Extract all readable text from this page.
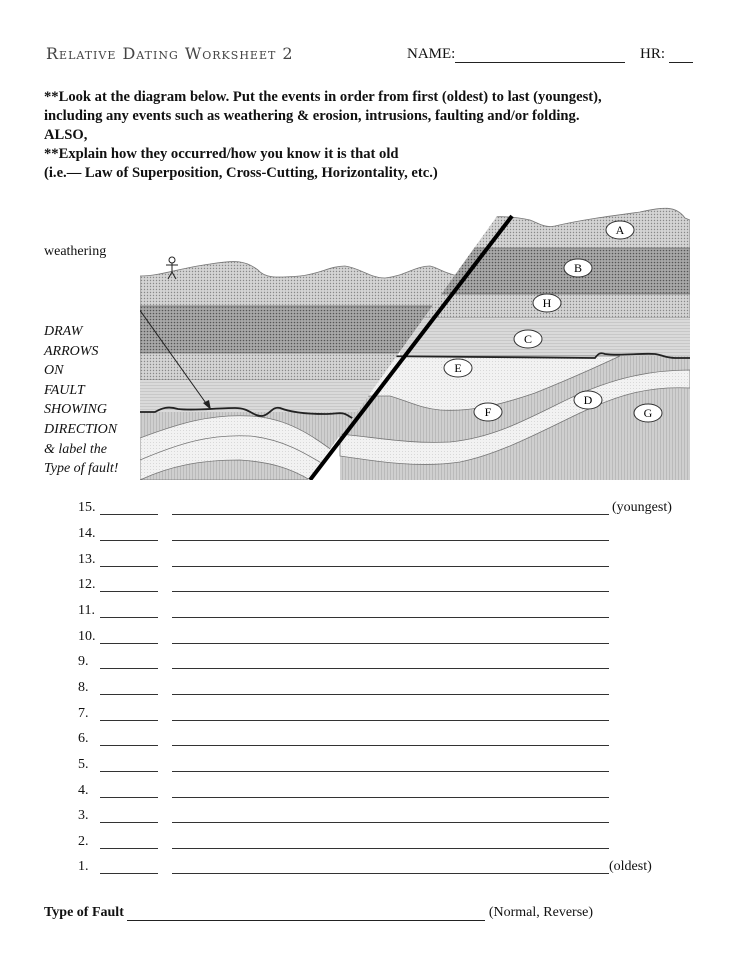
Relative Dating Worksheet 2	NAME:	HR:
**Look at the diagram below. Put the events in order from first (oldest) to last (youngest),
including any events such as weathering & erosion, intrusions, faulting and/or folding.
ALSO,
**Explain how they occurred/how you know it is that old
(i.e.— Law of Superposition, Cross-Cutting, Horizontality, etc.)
weathering
DRAW
ARROWS
ON
FAULT
SHOWING
DIRECTION
& label the
Type of fault!
A
B
H
C
E
D
F	G
15.	(youngest)
14.
13.
12.
11.
10.
9.
8.
7.
6.
5.
4.
3.
2.
1.	(oldest)
Type of Fault	(Normal, Reverse)
